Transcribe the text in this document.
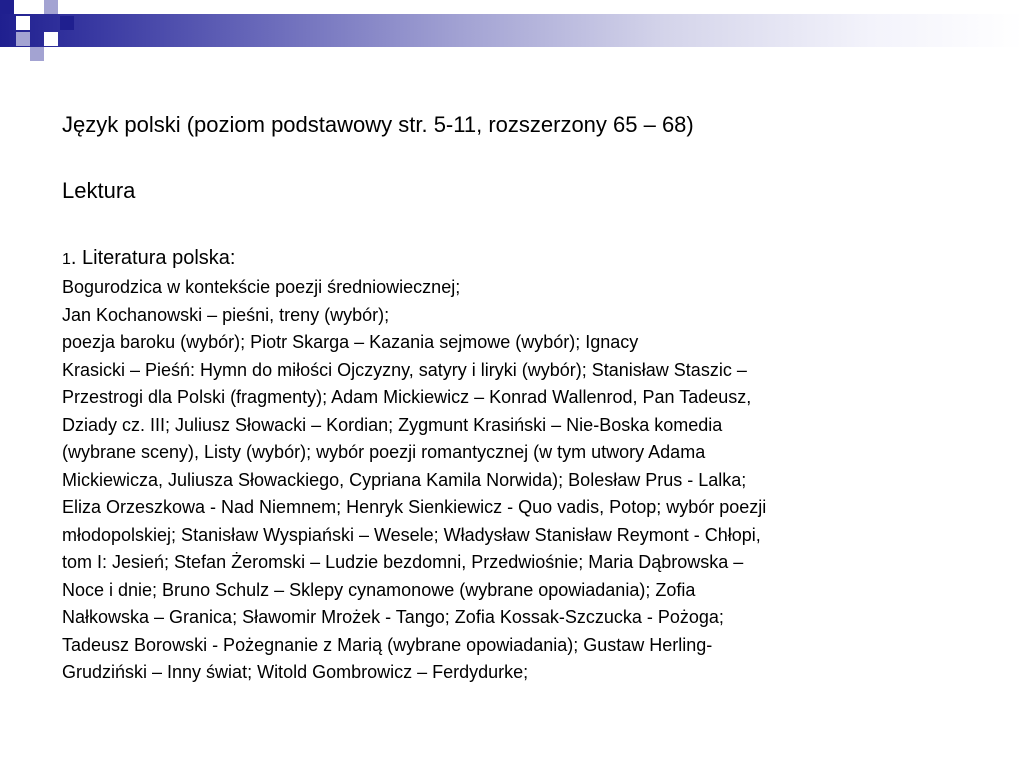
Język polski (poziom podstawowy str. 5-11, rozszerzony 65 – 68)

Lektura

1. Literatura polska:

Bogurodzica w kontekście poezji średniowiecznej;
Jan Kochanowski – pieśni, treny (wybór);
poezja baroku (wybór); Piotr Skarga – Kazania sejmowe (wybór); Ignacy
Krasicki – Pieśń: Hymn do miłości Ojczyzny, satyry i liryki (wybór); Stanisław Staszic –
Przestrogi dla Polski (fragmenty); Adam Mickiewicz – Konrad Wallenrod, Pan Tadeusz,
Dziady cz. III; Juliusz Słowacki – Kordian; Zygmunt Krasiński – Nie-Boska komedia
(wybrane sceny), Listy (wybór); wybór poezji romantycznej (w tym utwory Adama
Mickiewicza, Juliusza Słowackiego, Cypriana Kamila Norwida); Bolesław Prus - Lalka;
Eliza Orzeszkowa - Nad Niemnem; Henryk Sienkiewicz - Quo vadis, Potop; wybór poezji
młodopolskiej; Stanisław Wyspiański – Wesele; Władysław Stanisław Reymont - Chłopi,
tom I: Jesień; Stefan Żeromski – Ludzie bezdomni, Przedwiośnie; Maria Dąbrowska –
Noce i dnie; Bruno Schulz – Sklepy cynamonowe (wybrane opowiadania); Zofia
Nałkowska – Granica; Sławomir Mrożek - Tango; Zofia Kossak-Szczucka - Pożoga;
Tadeusz Borowski - Pożegnanie z Marią (wybrane opowiadania); Gustaw Herling-
Grudziński – Inny świat; Witold Gombrowicz – Ferdydurke;
